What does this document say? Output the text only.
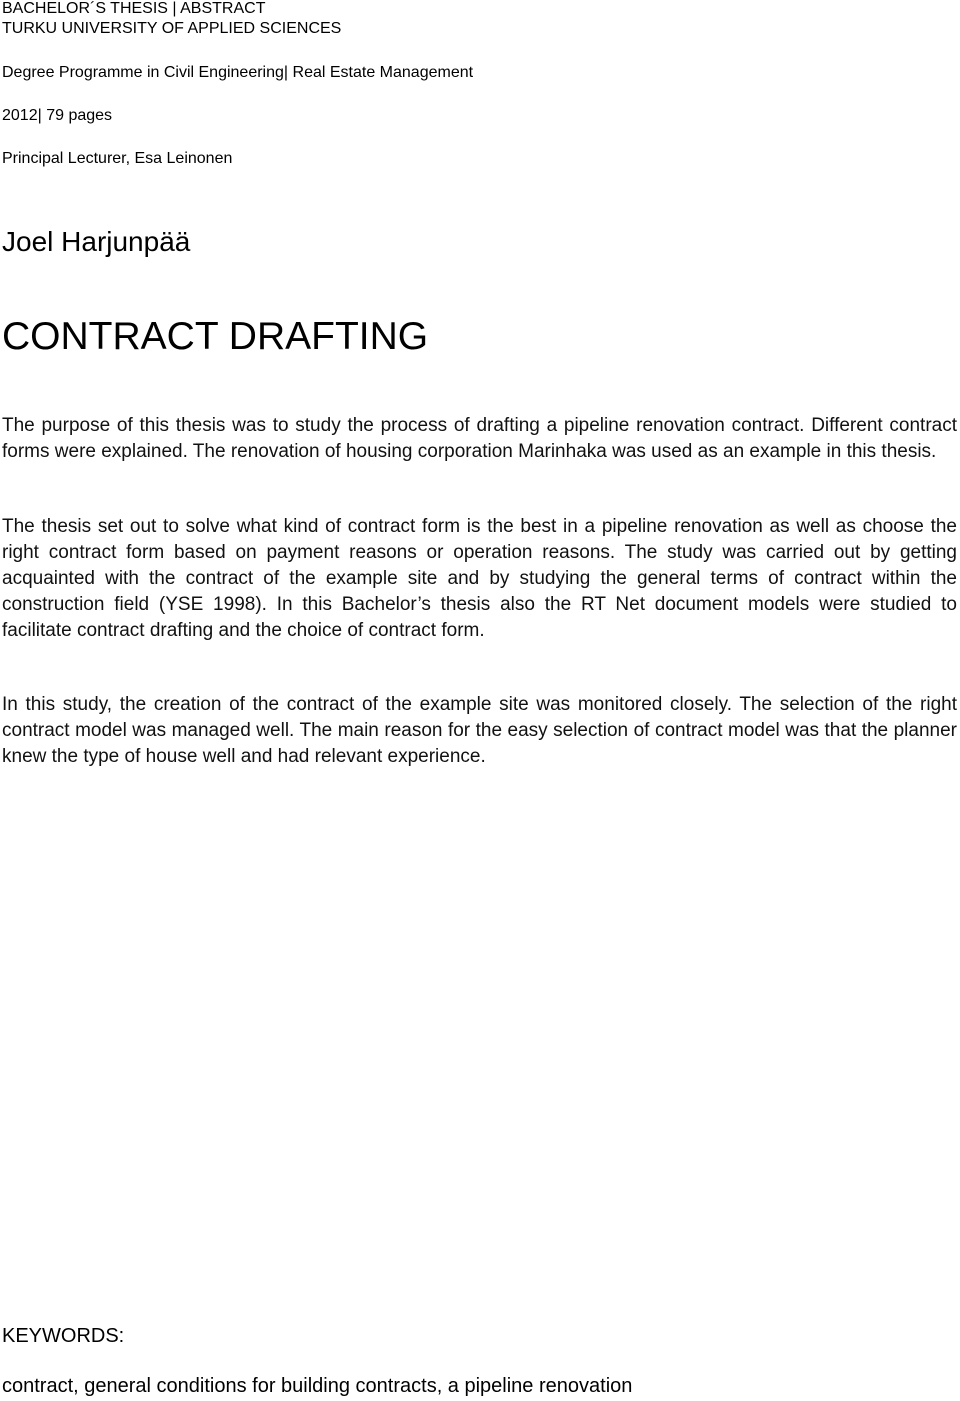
BACHELOR´S THESIS | ABSTRACT

TURKU UNIVERSITY OF APPLIED SCIENCES

Degree Programme in Civil Engineering| Real Estate Management

2012| 79 pages

Principal Lecturer, Esa Leinonen

Joel Harjunpää

CONTRACT DRAFTING

The purpose of this thesis was to study the process of drafting a pipeline renovation contract. Different contract forms were explained. The renovation of housing corporation Marinhaka was used as an example in this thesis.

The thesis set out to solve what kind of contract form is the best in a pipeline renovation as well as choose the right contract form based on payment reasons or operation reasons. The study was carried out by getting acquainted with the contract of the example site and by studying the general terms of contract within the construction field (YSE 1998). In this Bachelor’s thesis also the RT Net document models were studied to facilitate contract drafting and the choice of contract form.

In this study, the creation of the contract of the example site was monitored closely. The selection of the right contract model was managed well. The main reason for the easy selection of contract model was that the planner knew the type of house well and had relevant experience.

KEYWORDS:

contract, general conditions for building contracts, a pipeline renovation
